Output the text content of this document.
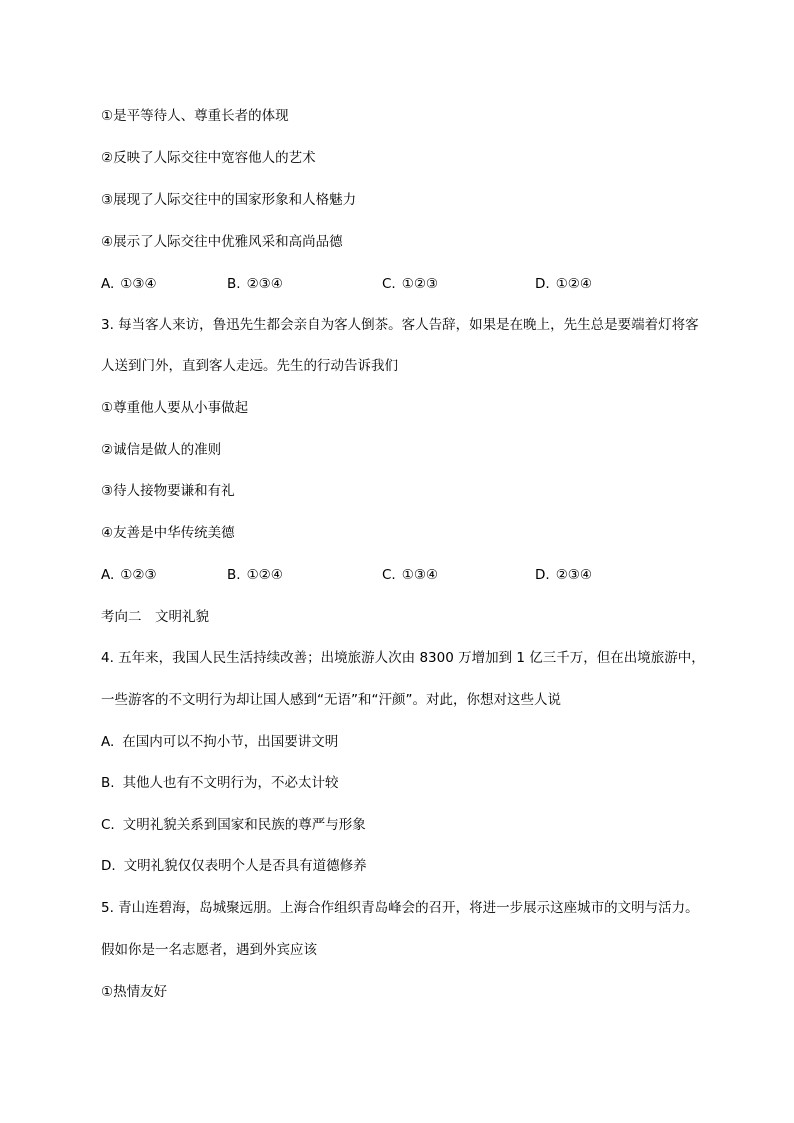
①是平等待人、尊重长者的体现
②反映了人际交往中宽容他人的艺术
③展现了人际交往中的国家形象和人格魅力
④展示了人际交往中优雅风采和高尚品德
A. ①③④	B. ②③④	C. ①②③	D. ①②④
3. 每当客人来访，鲁迅先生都会亲自为客人倒茶。客人告辞，如果是在晚上，先生总是要端着灯将客
人送到门外，直到客人走远。先生的行动告诉我们
①尊重他人要从小事做起
②诚信是做人的准则
③待人接物要谦和有礼
④友善是中华传统美德
A. ①②③	B. ①②④	C. ①③④	D. ②③④
考向二　文明礼貌
4. 五年来，我国人民生活持续改善；出境旅游人次由 8300 万增加到 1 亿三千万，但在出境旅游中，
一些游客的不文明行为却让国人感到“无语”和“汗颜”。对此，你想对这些人说
A. 在国内可以不拘小节，出国要讲文明
B. 其他人也有不文明行为，不必太计较
C. 文明礼貌关系到国家和民族的尊严与形象
D. 文明礼貌仅仅表明个人是否具有道德修养
5. 青山连碧海，岛城聚远朋。上海合作组织青岛峰会的召开，将进一步展示这座城市的文明与活力。
假如你是一名志愿者，遇到外宾应该
①热情友好
